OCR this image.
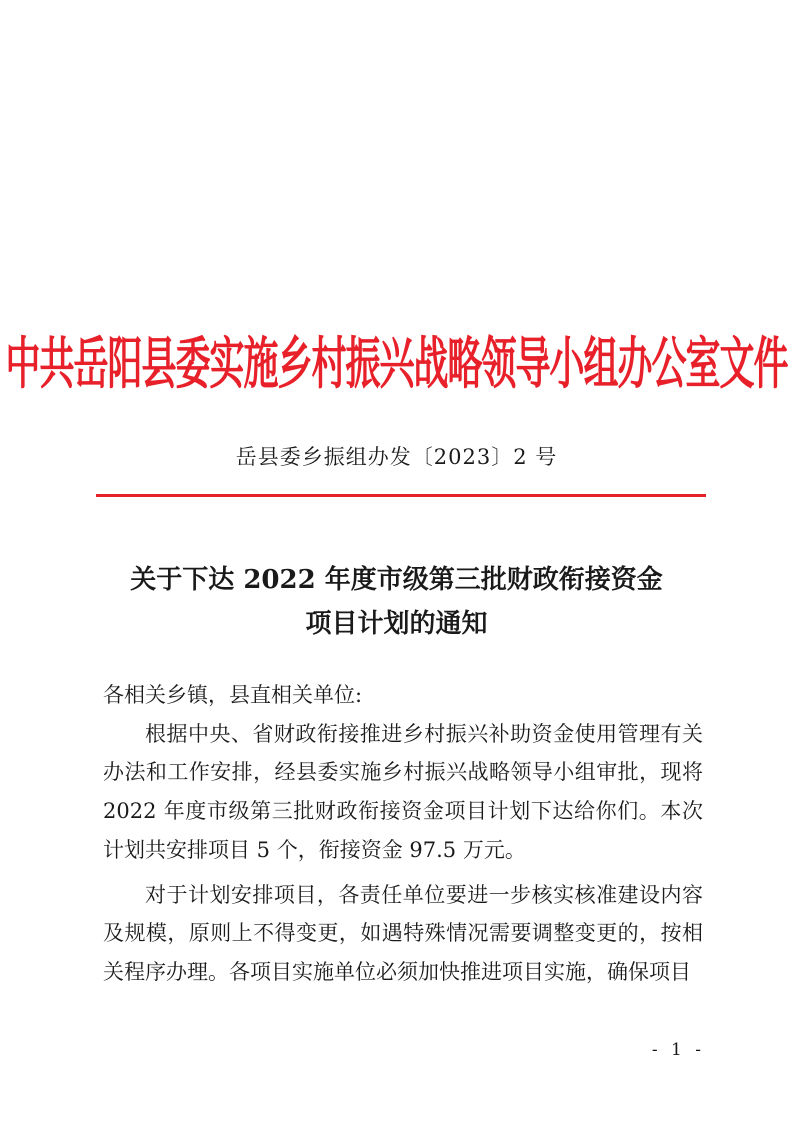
中共岳阳县委实施乡村振兴战略领导小组办公室文件
岳县委乡振组办发〔2023〕2 号
关于下达 2022 年度市级第三批财政衔接资金
项目计划的通知

各相关乡镇，县直相关单位:

根据中央、省财政衔接推进乡村振兴补助资金使用管理有关办法和工作安排，经县委实施乡村振兴战略领导小组审批，现将 2022 年度市级第三批财政衔接资金项目计划下达给你们。本次计划共安排项目 5 个，衔接资金 97.5 万元。

对于计划安排项目，各责任单位要进一步核实核准建设内容及规模，原则上不得变更，如遇特殊情况需要调整变更的，按相关程序办理。各项目实施单位必须加快推进项目实施，确保项目

- 1 -
